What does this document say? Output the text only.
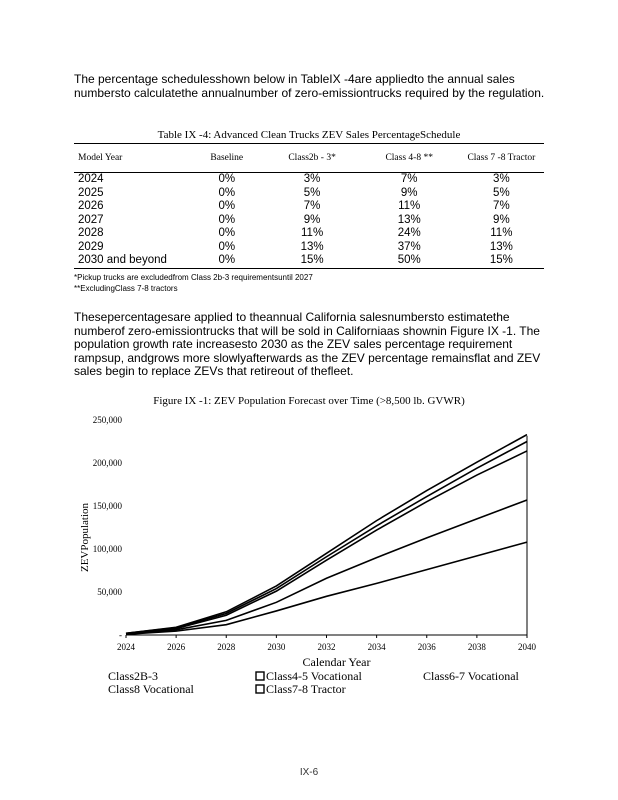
The percentage schedulesshown below in TableIX -4are appliedto the annual sales numbersto calculatethe annualnumber of zero-emissiontrucks required by the regulation.
Table IX -4: Advanced Clean Trucks ZEV Sales PercentageSchedule
Model Year	Baseline	Class2b - 3*	Class 4-8 **	Class 7 -8 Tractor
2024	0%	3%	7%	3%
2025	0%	5%	9%	5%
2026	0%	7%	11%	7%
2027	0%	9%	13%	9%
2028	0%	11%	24%	11%
2029	0%	13%	37%	13%
2030 and beyond	0%	15%	50%	15%
*Pickup trucks are excludedfrom Class 2b-3 requirementsuntil 2027
**ExcludingClass 7-8 tractors
Thesepercentagesare applied to theannual California salesnumbersto estimatethe numberof zero-emissiontrucks that will be sold in Californiaas shownin Figure IX -1. The population growth rate increasesto 2030 as the ZEV sales percentage requirement rampsup, andgrows more slowlyafterwards as the ZEV percentage remainsflat and ZEV sales begin to replace ZEVs that retireout of thefleet.
Figure IX -1: ZEV Population Forecast over Time (>8,500 lb. GVWR)
-
50,000
100,000
150,000
200,000
250,000
2024	2026	2028	2030	2032	2034	2036	2038	2040
Calendar Year
ZEVPopulation
Class2B-3	Class4-5 Vocational	Class6-7 Vocational
Class8 Vocational	Class7-8 Tractor
IX-6
